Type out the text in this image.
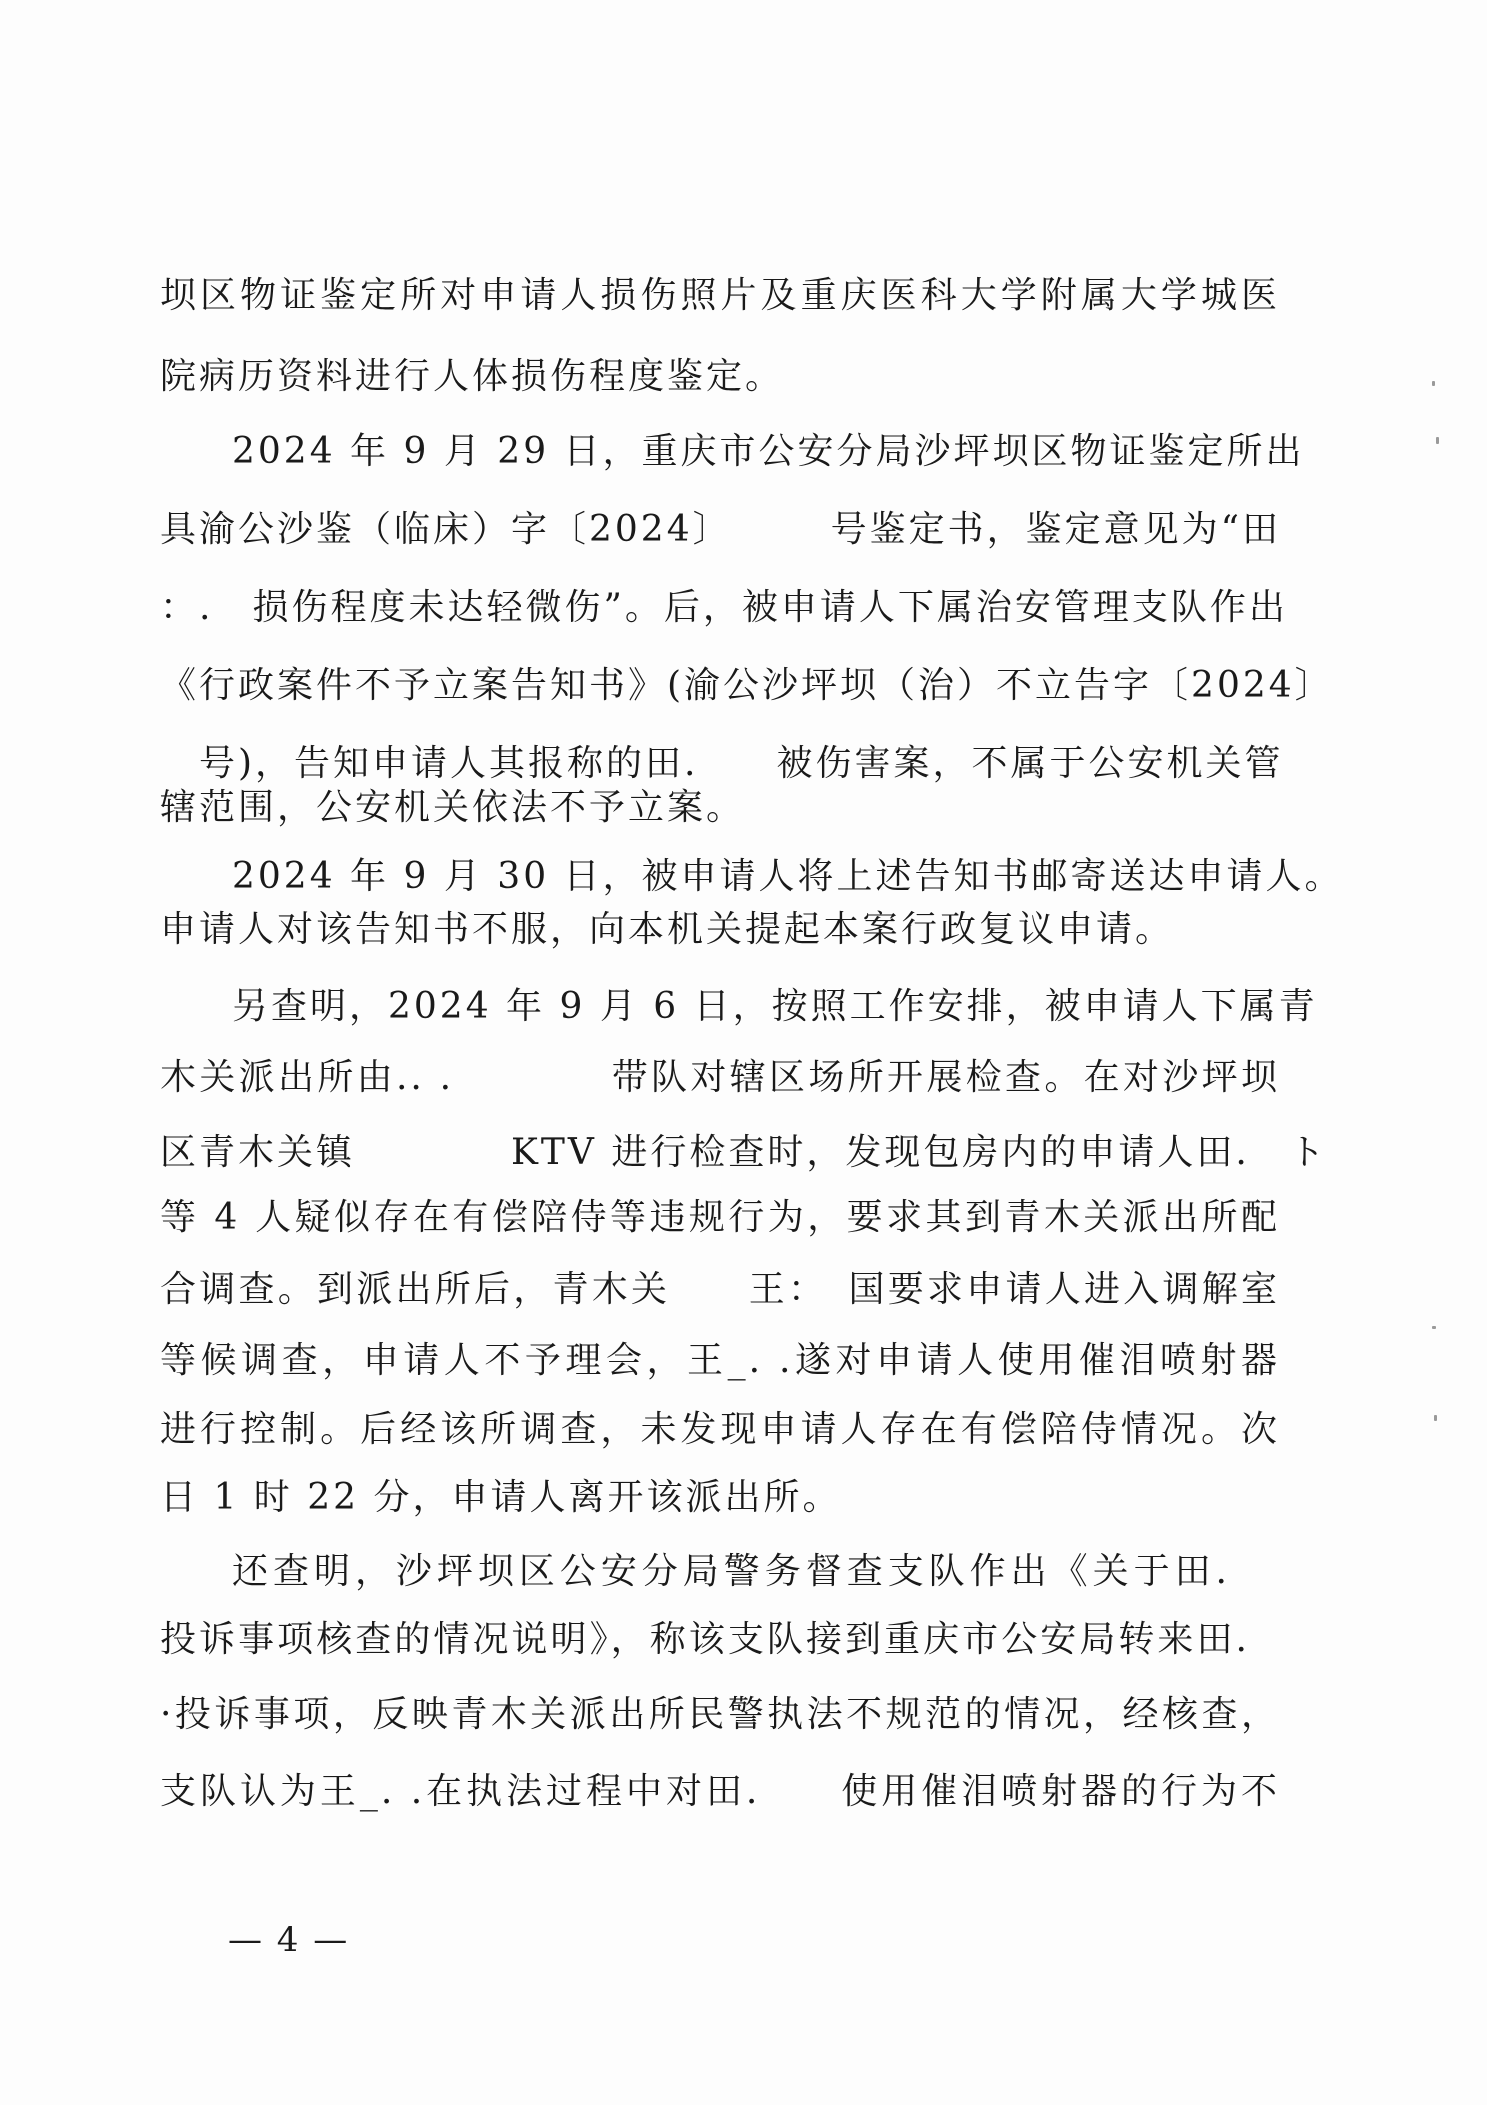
坝区物证鉴定所对申请人损伤照片及重庆医科大学附属大学城医
院病历资料进行人体损伤程度鉴定。
2024 年 9 月 29 日，重庆市公安分局沙坪坝区物证鉴定所出
具渝公沙鉴（临床）字〔2024〕　　　号鉴定书，鉴定意见为“田
：.　损伤程度未达轻微伤”。后，被申请人下属治安管理支队作出
《行政案件不予立案告知书》(渝公沙坪坝（治）不立告字〔2024〕
　号)，告知申请人其报称的田.　　被伤害案，不属于公安机关管
辖范围，公安机关依法不予立案。
2024 年 9 月 30 日，被申请人将上述告知书邮寄送达申请人。
申请人对该告知书不服，向本机关提起本案行政复议申请。
另查明，2024 年 9 月 6 日，按照工作安排，被申请人下属青
木关派出所由.. .　　　　带队对辖区场所开展检查。在对沙坪坝
区青木关镇　　　　KTV 进行检查时，发现包房内的申请人田.　ト
等 4 人疑似存在有偿陪侍等违规行为，要求其到青木关派出所配
合调查。到派出所后，青木关　　王：　国要求申请人进入调解室
等候调查，申请人不予理会，王_. .遂对申请人使用催泪喷射器
进行控制。后经该所调查，未发现申请人存在有偿陪侍情况。次
日 1 时 22 分，申请人离开该派出所。
还查明，沙坪坝区公安分局警务督查支队作出《关于田.
投诉事项核查的情况说明》，称该支队接到重庆市公安局转来田.
·投诉事项，反映青木关派出所民警执法不规范的情况，经核查，
支队认为王_. .在执法过程中对田.　　使用催泪喷射器的行为不
— 4 —
